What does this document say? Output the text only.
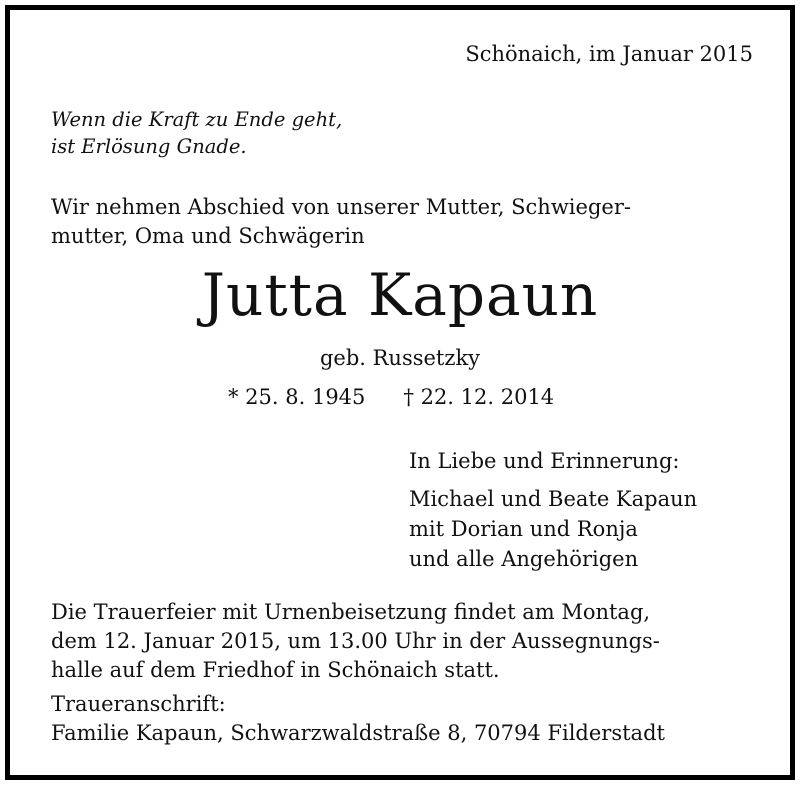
Schönaich, im Januar 2015
Wenn die Kraft zu Ende geht,
ist Erlösung Gnade.
Wir nehmen Abschied von unserer Mutter, Schwieger-
mutter, Oma und Schwägerin
Jutta Kapaun
geb. Russetzky
* 25. 8. 1945 † 22. 12. 2014
In Liebe und Erinnerung:
Michael und Beate Kapaun
mit Dorian und Ronja
und alle Angehörigen
Die Trauerfeier mit Urnenbeisetzung findet am Montag,
dem 12. Januar 2015, um 13.00 Uhr in der Aussegnungs-
halle auf dem Friedhof in Schönaich statt.
Traueranschrift:
Familie Kapaun, Schwarzwaldstraße 8, 70794 Filderstadt
